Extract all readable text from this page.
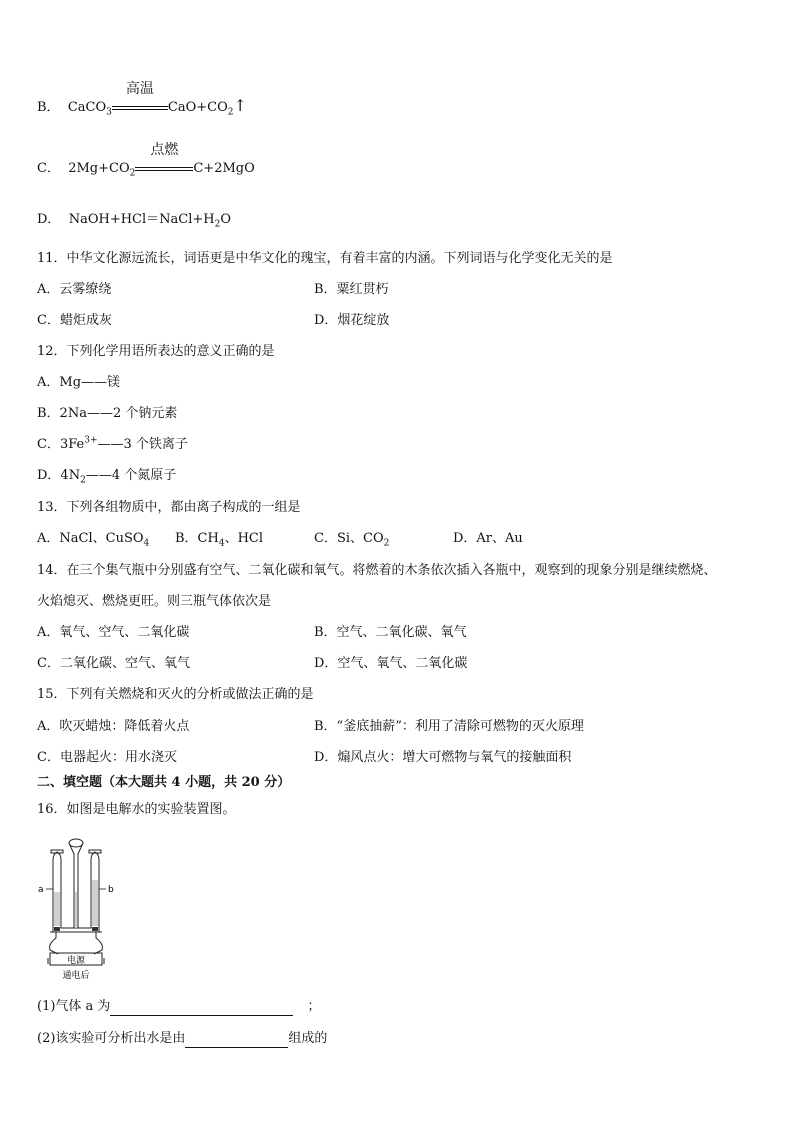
B． CaCO$_3$
高温
$CaO+CO_2↑$
C． $2Mg+CO_2$
点燃
C+2MgO
D． $NaOH+HCl=NaCl+H_2O$
11．中华文化源远流长，词语更是中华文化的瑰宝，有着丰富的内涵。下列词语与化学变化无关的是
A．云雾缭绕	B．粟红贯朽
C．蜡炬成灰	D．烟花绽放
12．下列化学用语所表达的意义正确的是
A．Mg——镁
B．2Na——2 个钠元素
C．$3Fe^{3+}——3$ 个铁离子
D．$4N_2——4$ 个氮原子
13．下列各组物质中，都由离子构成的一组是
A．NaCl、CuSO$_4$ B．$CH_4$、HCl	C．Si、$CO_2$	D．Ar、Au
14．在三个集气瓶中分别盛有空气、二氧化碳和氧气。将燃着的木条依次插入各瓶中，观察到的现象分别是继续燃烧、
火焰熄灭、燃烧更旺。则三瓶气体依次是
A．氧气、空气、二氧化碳	B．空气、二氧化碳、氧气
C．二氧化碳、空气、氧气	D．空气、氧气、二氧化碳
15．下列有关燃烧和灭火的分析或做法正确的是
A．吹灭蜡烛：降低着火点	B．“釜底抽薪”：利用了清除可燃物的灭火原理
C．电器起火：用水浇灭	D．煽风点火：增大可燃物与氧气的接触面积
二、填空题（本大题共 4 小题，共 20 分）
16．如图是电解水的实验装置图。
a	b
电源
通电后
(1)气体 a 为	；
(2)该实验可分析出水是由	组成的
